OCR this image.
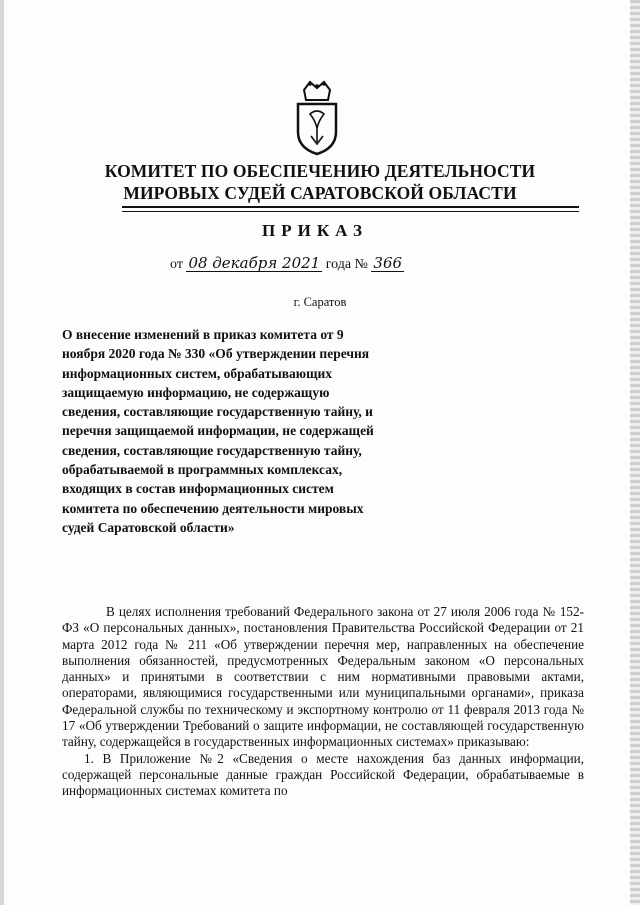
КОМИТЕТ ПО ОБЕСПЕЧЕНИЮ ДЕЯТЕЛЬНОСТИ
МИРОВЫХ СУДЕЙ САРАТОВСКОЙ ОБЛАСТИ
ПРИКАЗ
от 08 декабря 2021 года № 366
г. Саратов
О внесение изменений в приказ комитета от 9 ноября 2020 года № 330 «Об утверждении перечня информационных систем, обрабатывающих защищаемую информацию, не содержащую сведения, составляющие государственную тайну, и перечня защищаемой информации, не содержащей сведения, составляющие государственную тайну, обрабатываемой в программных комплексах, входящих в состав информационных систем комитета по обеспечению деятельности мировых судей Саратовской области»

В целях исполнения требований Федерального закона от 27 июля 2006 года № 152-ФЗ «О персональных данных», постановления Правительства Российской Федерации от 21 марта 2012 года № 211 «Об утверждении перечня мер, направленных на обеспечение выполнения обязанностей, предусмотренных Федеральным законом «О персональных данных» и принятыми в соответствии с ним нормативными правовыми актами, операторами, являющимися государственными или муниципальными органами», приказа Федеральной службы по техническому и экспортному контролю от 11 февраля 2013 года № 17 «Об утверждении Требований о защите информации, не составляющей государственную тайну, содержащейся в государственных информационных системах» приказываю:

1. В Приложение №2 «Сведения о месте нахождения баз данных информации, содержащей персональные данные граждан Российской Федерации, обрабатываемые в информационных системах комитета по
